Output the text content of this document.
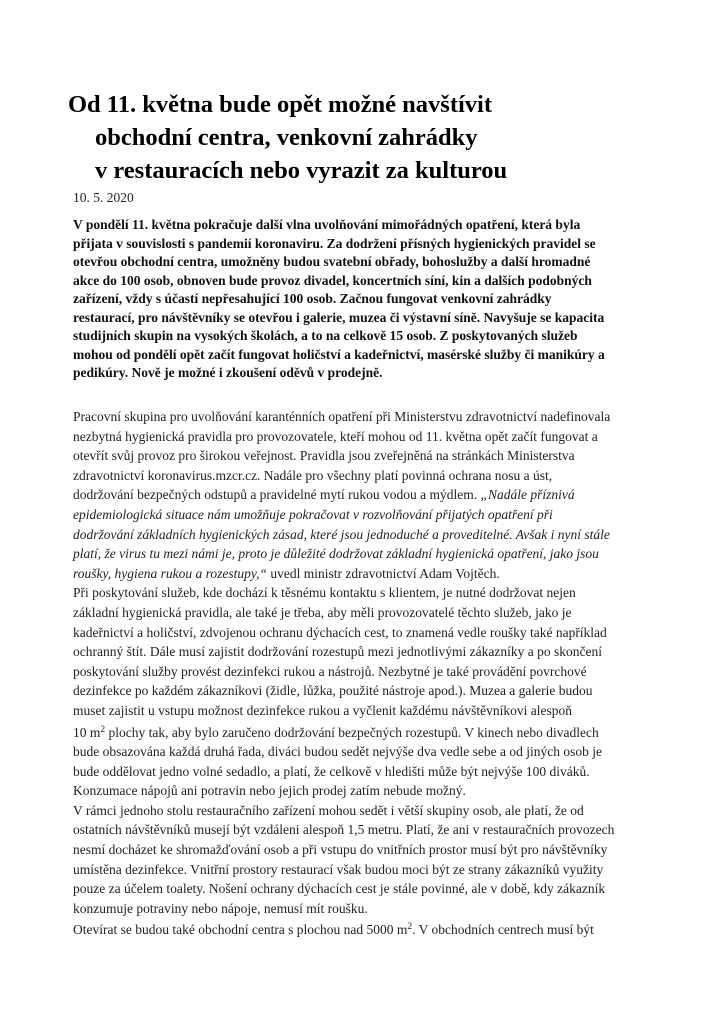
Od 11. května bude opět možné navštívit
obchodní centra, venkovní zahrádky
v restauracích nebo vyrazit za kulturou
10. 5. 2020
V pondělí 11. května pokračuje další vlna uvolňování mimořádných opatření, která byla
přijata v souvislosti s pandemií koronaviru. Za dodržení přísných hygienických pravidel se
otevřou obchodní centra, umožněny budou svatební obřady, bohoslužby a další hromadné
akce do 100 osob, obnoven bude provoz divadel, koncertních síní, kin a dalších podobných
zařízení, vždy s účastí nepřesahující 100 osob. Začnou fungovat venkovní zahrádky
restaurací, pro návštěvníky se otevřou i galerie, muzea či výstavní síně. Navyšuje se kapacita
studijních skupin na vysokých školách, a to na celkově 15 osob. Z poskytovaných služeb
mohou od pondělí opět začít fungovat holičství a kadeřnictví, masérské služby či manikúry a
pedikúry. Nově je možné i zkoušení oděvů v prodejně.
Pracovní skupina pro uvolňování karanténních opatření při Ministerstvu zdravotnictví nadefinovala
nezbytná hygienická pravidla pro provozovatele, kteří mohou od 11. května opět začít fungovat a
otevřít svůj provoz pro širokou veřejnost. Pravidla jsou zveřejněná na stránkách Ministerstva
zdravotnictví koronavirus.mzcr.cz. Nadále pro všechny platí povinná ochrana nosu a úst,
dodržování bezpečných odstupů a pravidelné mytí rukou vodou a mýdlem. „Nadále příznivá
epidemiologická situace nám umožňuje pokračovat v rozvolňování přijatých opatření při
dodržování základních hygienických zásad, které jsou jednoduché a proveditelné. Avšak i nyní stále
platí, že virus tu mezi námi je, proto je důležité dodržovat základní hygienická opatření, jako jsou
roušky, hygiena rukou a rozestupy,“ uvedl ministr zdravotnictví Adam Vojtěch.
Při poskytování služeb, kde dochází k těsnému kontaktu s klientem, je nutné dodržovat nejen
základní hygienická pravidla, ale také je třeba, aby měli provozovatelé těchto služeb, jako je
kadeřnictví a holičství, zdvojenou ochranu dýchacích cest, to znamená vedle roušky také například
ochranný štít. Dále musí zajistit dodržování rozestupů mezi jednotlivými zákazníky a po skončení
poskytování služby provést dezinfekci rukou a nástrojů. Nezbytné je také provádění povrchové
dezinfekce po každém zákazníkovi (židle, lůžka, použité nástroje apod.). Muzea a galerie budou
muset zajistit u vstupu možnost dezinfekce rukou a vyčlenit každému návštěvníkovi alespoň
10 $m^2$ plochy tak, aby bylo zaručeno dodržování bezpečných rozestupů. V kinech nebo divadlech
bude obsazována každá druhá řada, diváci budou sedět nejvýše dva vedle sebe a od jiných osob je
bude oddělovat jedno volné sedadlo, a platí, že celkově v hledišti může být nejvýše 100 diváků.
Konzumace nápojů ani potravin nebo jejich prodej zatím nebude možný.
V rámci jednoho stolu restauračního zařízení mohou sedět i větší skupiny osob, ale platí, že od
ostatních návštěvníků musejí být vzdáleni alespoň 1,5 metru. Platí, že ani v restauračních provozech
nesmí docházet ke shromažďování osob a při vstupu do vnitřních prostor musí být pro návštěvníky
umístěna dezinfekce. Vnitřní prostory restaurací však budou moci být ze strany zákazníků využity
pouze za účelem toalety. Nošení ochrany dýchacích cest je stále povinné, ale v době, kdy zákazník
konzumuje potraviny nebo nápoje, nemusí mít roušku.
Otevírat se budou také obchodní centra s plochou nad 5000 $m^2$. V obchodních centrech musí být
